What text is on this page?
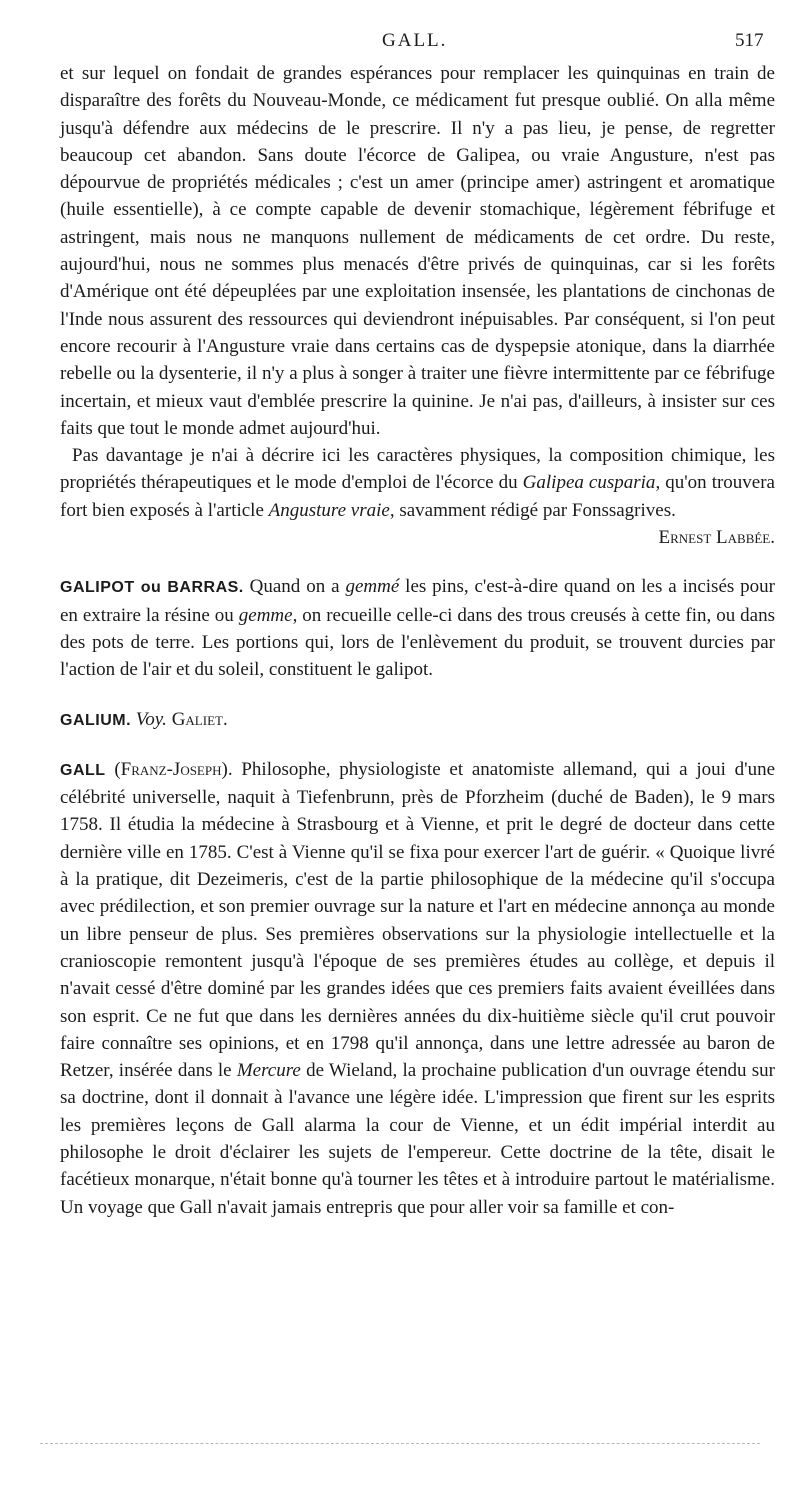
GALL.	517

et sur lequel on fondait de grandes espérances pour remplacer les quinquinas en train de disparaître des forêts du Nouveau-Monde, ce médicament fut presque oublié. On alla même jusqu'à défendre aux médecins de le prescrire. Il n'y a pas lieu, je pense, de regretter beaucoup cet abandon. Sans doute l'écorce de Galipea, ou vraie Angusture, n'est pas dépourvue de propriétés médicales ; c'est un amer (principe amer) astringent et aromatique (huile essentielle), à ce compte capable de devenir stomachique, légèrement fébrifuge et astringent, mais nous ne manquons nullement de médicaments de cet ordre. Du reste, aujourd'hui, nous ne sommes plus menacés d'être privés de quinquinas, car si les forêts d'Amérique ont été dépeuplées par une exploitation insensée, les plantations de cinchonas de l'Inde nous assurent des ressources qui deviendront inépuisables. Par conséquent, si l'on peut encore recourir à l'Angusture vraie dans certains cas de dyspepsie atonique, dans la diarrhée rebelle ou la dysenterie, il n'y a plus à songer à traiter une fièvre intermittente par ce fébrifuge incertain, et mieux vaut d'emblée prescrire la quinine. Je n'ai pas, d'ailleurs, à insister sur ces faits que tout le monde admet aujourd'hui.

Pas davantage je n'ai à décrire ici les caractères physiques, la composition chimique, les propriétés thérapeutiques et le mode d'emploi de l'écorce du Galipea cusparia, qu'on trouvera fort bien exposés à l'article Angusture vraie, savamment rédigé par Fonssagrives.
Ernest Labbée.

GALIPOT ou BARRAS. Quand on a gemmé les pins, c'est-à-dire quand on les a incisés pour en extraire la résine ou gemme, on recueille celle-ci dans des trous creusés à cette fin, ou dans des pots de terre. Les portions qui, lors de l'enlèvement du produit, se trouvent durcies par l'action de l'air et du soleil, constituent le galipot.

GALIUM. Voy. Galiet.

GALL (Franz-Joseph). Philosophe, physiologiste et anatomiste allemand, qui a joui d'une célébrité universelle, naquit à Tiefenbrunn, près de Pforzheim (duché de Baden), le 9 mars 1758. Il étudia la médecine à Strasbourg et à Vienne, et prit le degré de docteur dans cette dernière ville en 1785. C'est à Vienne qu'il se fixa pour exercer l'art de guérir. « Quoique livré à la pratique, dit Dezeimeris, c'est de la partie philosophique de la médecine qu'il s'occupa avec prédilection, et son premier ouvrage sur la nature et l'art en médecine annonça au monde un libre penseur de plus. Ses premières observations sur la physiologie intellectuelle et la cranioscopie remontent jusqu'à l'époque de ses premières études au collège, et depuis il n'avait cessé d'être dominé par les grandes idées que ces premiers faits avaient éveillées dans son esprit. Ce ne fut que dans les dernières années du dix-huitième siècle qu'il crut pouvoir faire connaître ses opinions, et en 1798 qu'il annonça, dans une lettre adressée au baron de Retzer, insérée dans le Mercure de Wieland, la prochaine publication d'un ouvrage étendu sur sa doctrine, dont il donnait à l'avance une légère idée. L'impression que firent sur les esprits les premières leçons de Gall alarma la cour de Vienne, et un édit impérial interdit au philosophe le droit d'éclairer les sujets de l'empereur. Cette doctrine de la tête, disait le facétieux monarque, n'était bonne qu'à tourner les têtes et à introduire partout le matérialisme. Un voyage que Gall n'avait jamais entrepris que pour aller voir sa famille et con-
